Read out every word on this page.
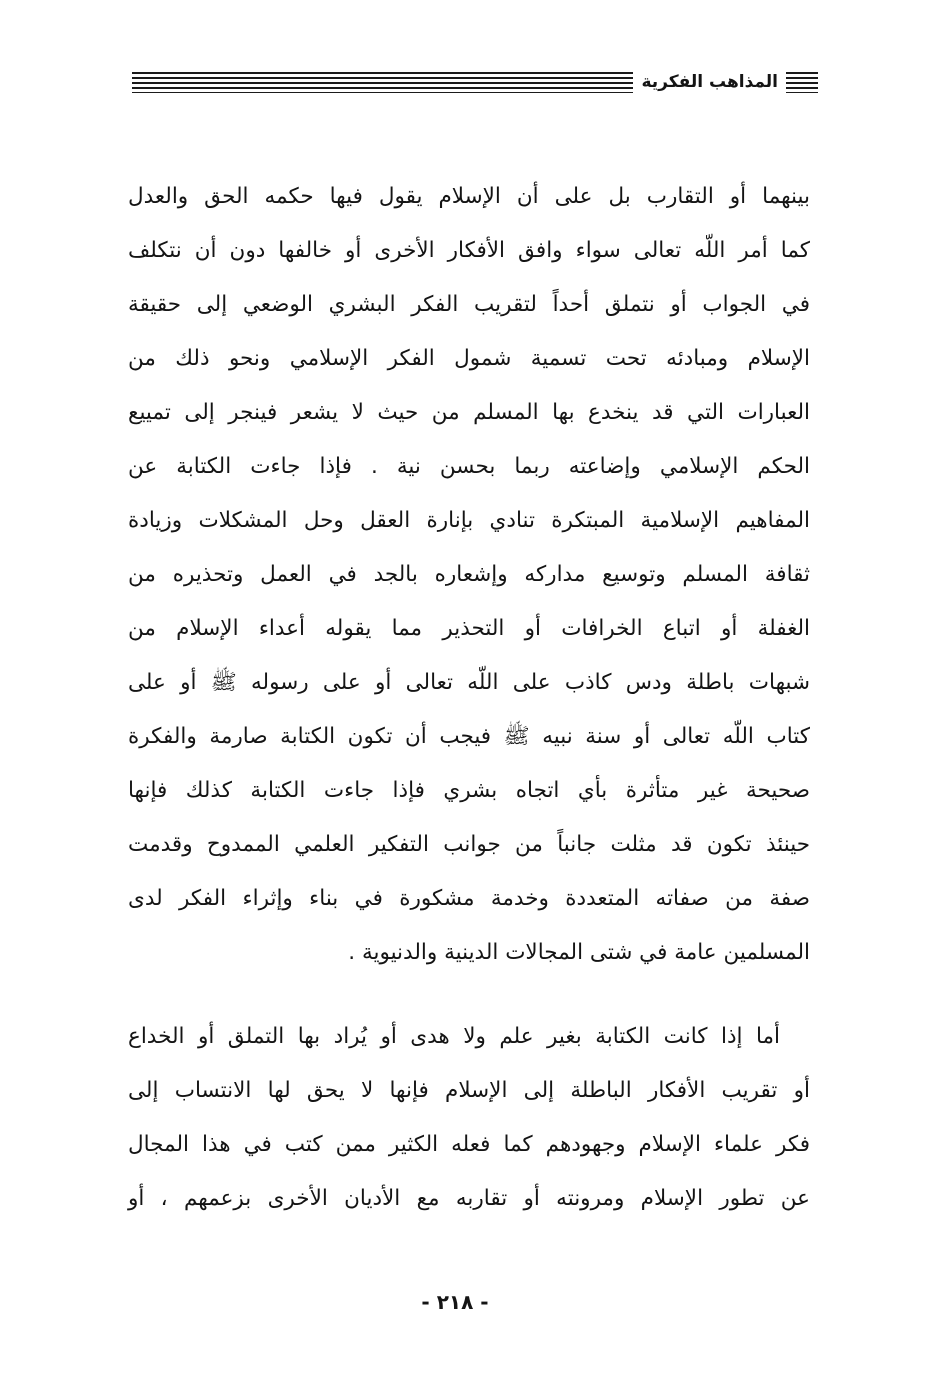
المذاهب الفكرية
بينهما أو التقارب بل على أن الإسلام يقول فيها حكمه الحق والعدل
كما أمر اللّه تعالى سواء وافق الأفكار الأخرى أو خالفها دون أن نتكلف
في الجواب أو نتملق أحداً لتقريب الفكر البشري الوضعي إلى حقيقة
الإسلام ومبادئه تحت تسمية شمول الفكر الإسلامي ونحو ذلك من
العبارات التي قد ينخدع بها المسلم من حيث لا يشعر فينجر إلى تمييع
الحكم الإسلامي وإضاعته ربما بحسن نية . فإذا جاءت الكتابة عن
المفاهيم الإسلامية المبتكرة تنادي بإنارة العقل وحل المشكلات وزيادة
ثقافة المسلم وتوسيع مداركه وإشعاره بالجد في العمل وتحذيره من
الغفلة أو اتباع الخرافات أو التحذير مما يقوله أعداء الإسلام من
شبهات باطلة ودس كاذب على اللّه تعالى أو على رسوله ﷺ أو على
كتاب اللّه تعالى أو سنة نبيه ﷺ فيجب أن تكون الكتابة صارمة والفكرة
صحيحة غير متأثرة بأي اتجاه بشري فإذا جاءت الكتابة كذلك فإنها
حينئذ تكون قد مثلت جانباً من جوانب التفكير العلمي الممدوح وقدمت
صفة من صفاته المتعددة وخدمة مشكورة في بناء وإثراء الفكر لدى
المسلمين عامة في شتى المجالات الدينية والدنيوية .
أما إذا كانت الكتابة بغير علم ولا هدى أو يُراد بها التملق أو الخداع
أو تقريب الأفكار الباطلة إلى الإسلام فإنها لا يحق لها الانتساب إلى
فكر علماء الإسلام وجهودهم كما فعله الكثير ممن كتب في هذا المجال
عن تطور الإسلام ومرونته أو تقاربه مع الأديان الأخرى بزعمهم ، أو
- ٢١٨ -
